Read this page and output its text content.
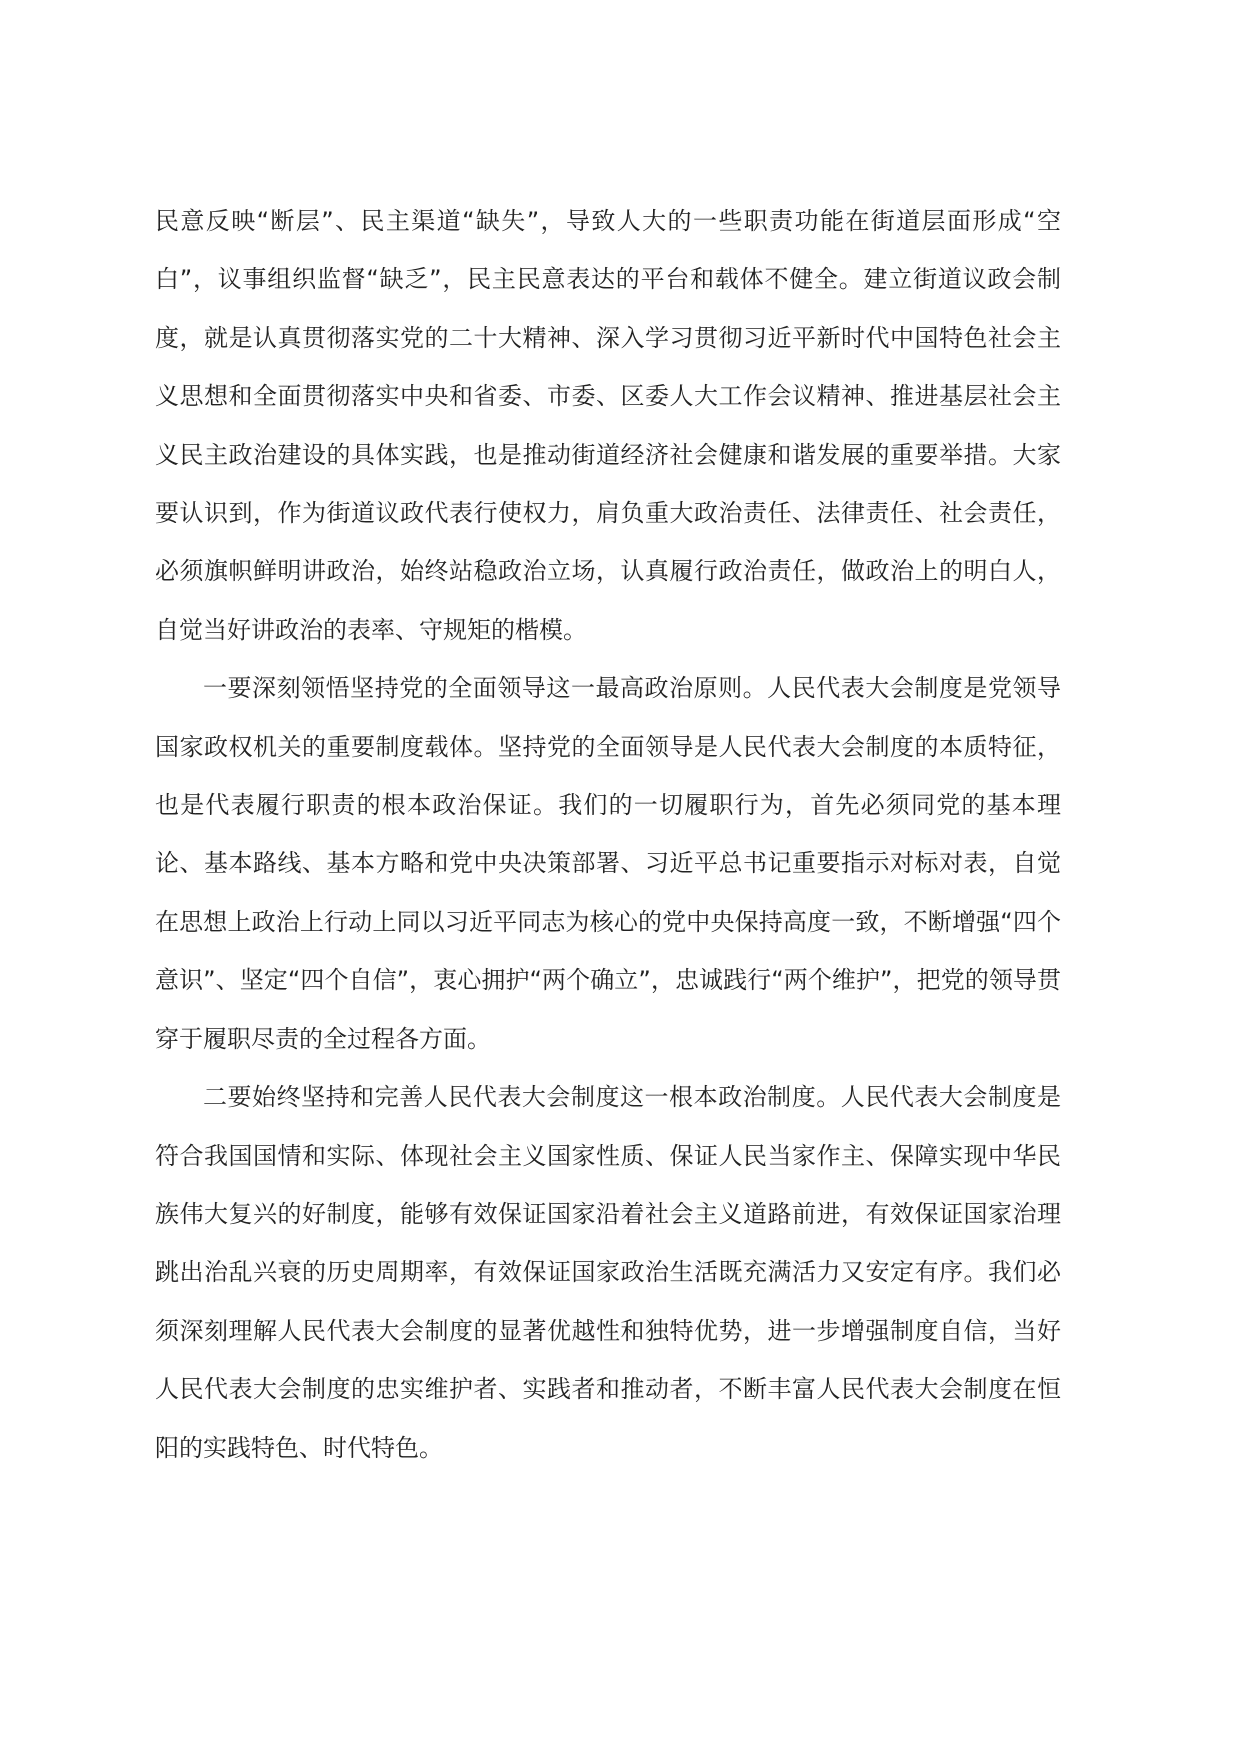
民意反映“断层”、民主渠道“缺失”，导致人大的一些职责功能在街道层面形成“空白”，议事组织监督“缺乏”，民主民意表达的平台和载体不健全。建立街道议政会制度，就是认真贯彻落实党的二十大精神、深入学习贯彻习近平新时代中国特色社会主义思想和全面贯彻落实中央和省委、市委、区委人大工作会议精神、推进基层社会主义民主政治建设的具体实践，也是推动街道经济社会健康和谐发展的重要举措。大家要认识到，作为街道议政代表行使权力，肩负重大政治责任、法律责任、社会责任，必须旗帜鲜明讲政治，始终站稳政治立场，认真履行政治责任，做政治上的明白人，自觉当好讲政治的表率、守规矩的楷模。

一要深刻领悟坚持党的全面领导这一最高政治原则。人民代表大会制度是党领导国家政权机关的重要制度载体。坚持党的全面领导是人民代表大会制度的本质特征，也是代表履行职责的根本政治保证。我们的一切履职行为，首先必须同党的基本理论、基本路线、基本方略和党中央决策部署、习近平总书记重要指示对标对表，自觉在思想上政治上行动上同以习近平同志为核心的党中央保持高度一致，不断增强“四个意识”、坚定“四个自信”，衷心拥护“两个确立”，忠诚践行“两个维护”，把党的领导贯穿于履职尽责的全过程各方面。

二要始终坚持和完善人民代表大会制度这一根本政治制度。人民代表大会制度是符合我国国情和实际、体现社会主义国家性质、保证人民当家作主、保障实现中华民族伟大复兴的好制度，能够有效保证国家沿着社会主义道路前进，有效保证国家治理跳出治乱兴衰的历史周期率，有效保证国家政治生活既充满活力又安定有序。我们必须深刻理解人民代表大会制度的显著优越性和独特优势，进一步增强制度自信，当好人民代表大会制度的忠实维护者、实践者和推动者，不断丰富人民代表大会制度在恒阳的实践特色、时代特色。
